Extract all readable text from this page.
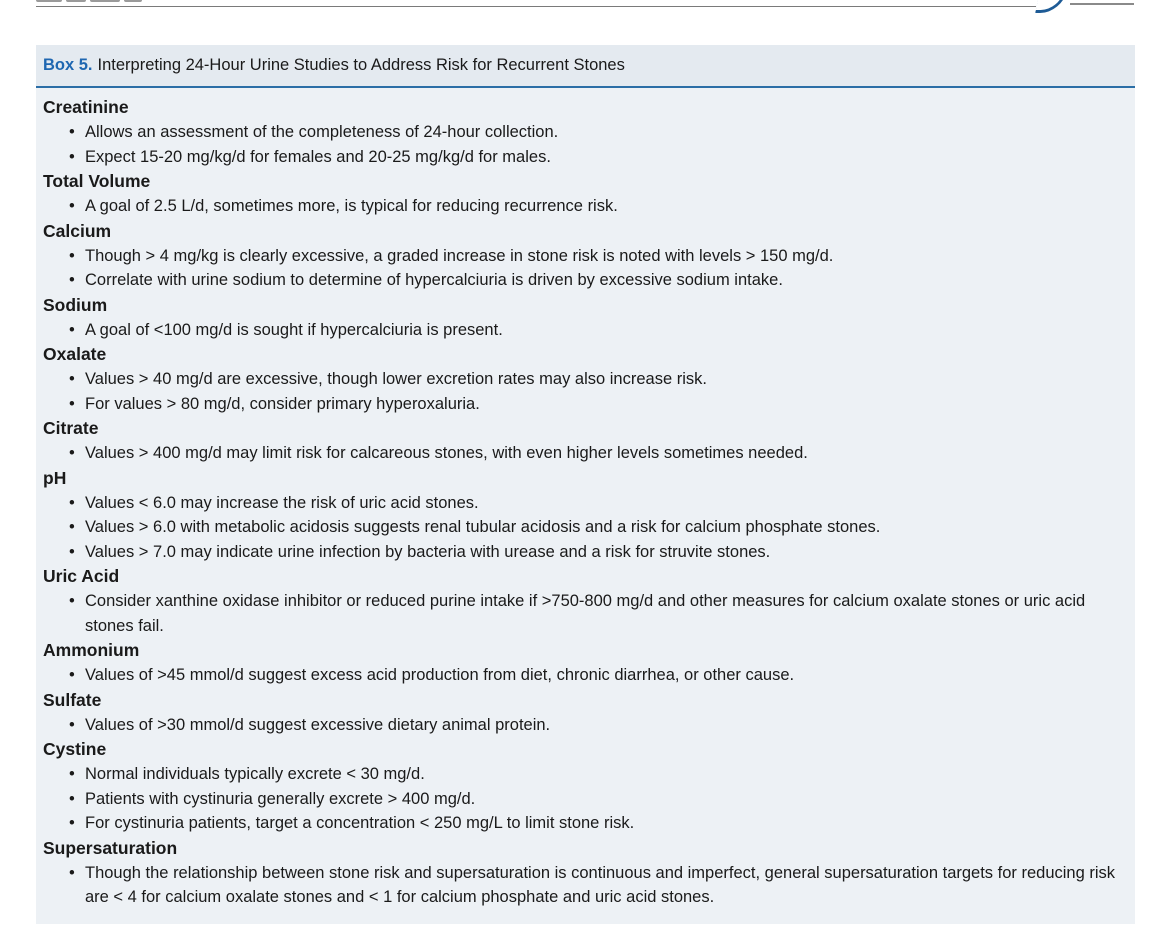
Box 5. Interpreting 24-Hour Urine Studies to Address Risk for Recurrent Stones
Creatinine
• Allows an assessment of the completeness of 24-hour collection.
• Expect 15-20 mg/kg/d for females and 20-25 mg/kg/d for males.
Total Volume
• A goal of 2.5 L/d, sometimes more, is typical for reducing recurrence risk.
Calcium
• Though > 4 mg/kg is clearly excessive, a graded increase in stone risk is noted with levels > 150 mg/d.
• Correlate with urine sodium to determine of hypercalciuria is driven by excessive sodium intake.
Sodium
• A goal of <100 mg/d is sought if hypercalciuria is present.
Oxalate
• Values > 40 mg/d are excessive, though lower excretion rates may also increase risk.
• For values > 80 mg/d, consider primary hyperoxaluria.
Citrate
• Values > 400 mg/d may limit risk for calcareous stones, with even higher levels sometimes needed.
pH
• Values < 6.0 may increase the risk of uric acid stones.
• Values > 6.0 with metabolic acidosis suggests renal tubular acidosis and a risk for calcium phosphate stones.
• Values > 7.0 may indicate urine infection by bacteria with urease and a risk for struvite stones.
Uric Acid
• Consider xanthine oxidase inhibitor or reduced purine intake if >750-800 mg/d and other measures for calcium oxalate stones or uric acid stones fail.
Ammonium
• Values of >45 mmol/d suggest excess acid production from diet, chronic diarrhea, or other cause.
Sulfate
• Values of >30 mmol/d suggest excessive dietary animal protein.
Cystine
• Normal individuals typically excrete < 30 mg/d.
• Patients with cystinuria generally excrete > 400 mg/d.
• For cystinuria patients, target a concentration < 250 mg/L to limit stone risk.
Supersaturation
• Though the relationship between stone risk and supersaturation is continuous and imperfect, general supersaturation targets for reducing risk are < 4 for calcium oxalate stones and < 1 for calcium phosphate and uric acid stones.
